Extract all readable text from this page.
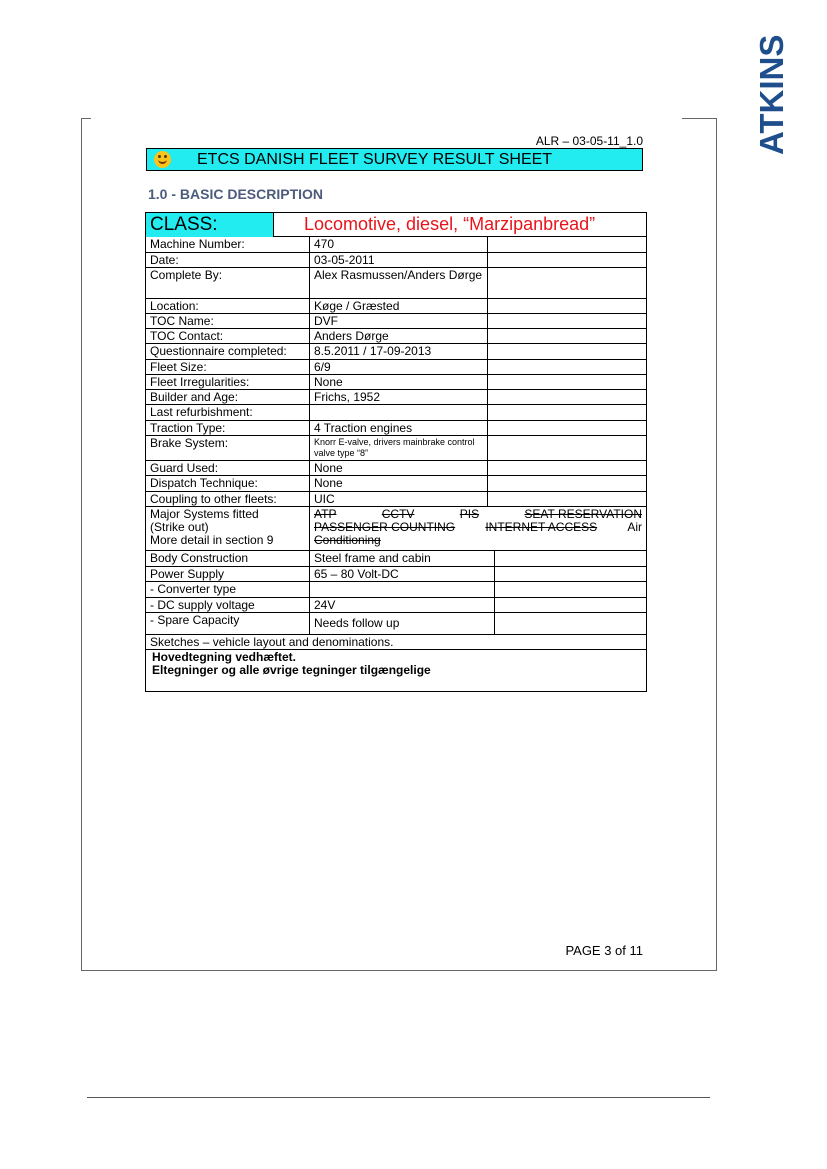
ATKINS
ALR – 03-05-11_1.0
ETCS DANISH FLEET SURVEY RESULT SHEET
1.0 - BASIC DESCRIPTION
CLASS:	Locomotive, diesel, “Marzipanbread”
Machine Number:	470
Date:	03-05-2011
Complete By:	Alex Rasmussen/Anders Dørge
Location:	Køge / Græsted
TOC Name:	DVF
TOC Contact:	Anders Dørge
Questionnaire completed:	8.5.2011 / 17-09-2013
Fleet Size:	6/9
Fleet Irregularities:	None
Builder and Age:	Frichs, 1952
Last refurbishment:
Traction Type:	4 Traction engines
Brake System:	Knorr E-valve, drivers mainbrake control valve type “8”
Guard Used:	None
Dispatch Technique:	None
Coupling to other fleets:	UIC
Major Systems fitted
(Strike out)
More detail in section 9
ATP	CCTV	PIS	SEAT RESERVATION
PASSENGER COUNTING	INTERNET ACCESS	Air
Conditioning
Body Construction	Steel frame and cabin
Power Supply	65 – 80 Volt-DC
- Converter type
- DC supply voltage	24V
- Spare Capacity	Needs follow up
Sketches – vehicle layout and denominations.
Hovedtegning vedhæftet.
Eltegninger og alle øvrige tegninger tilgængelige
PAGE 3 of 11
